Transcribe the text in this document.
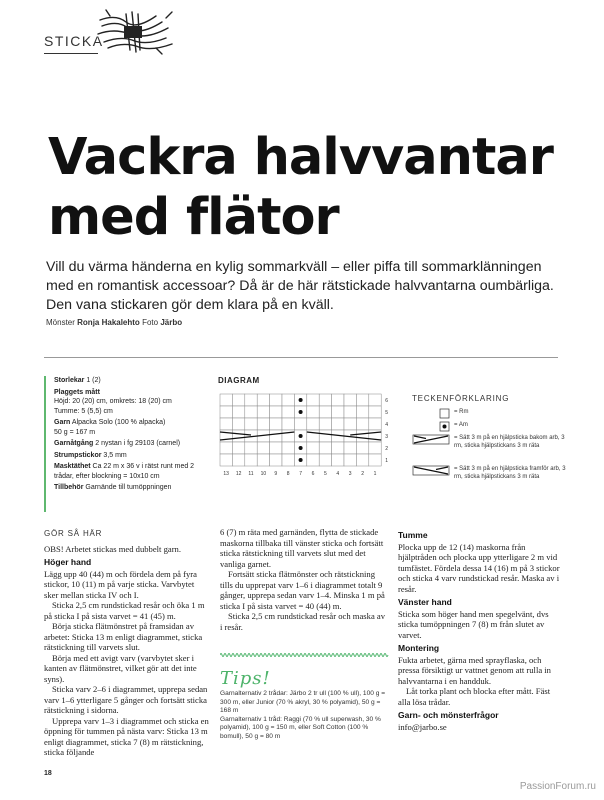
STICKA
Vackra halvvantar
med flätor
Vill du värma händerna en kylig sommarkväll – eller piffa till sommarklänningen med en romantisk accessoar? Då är de här rätstickade halvvantarna oumbärliga. Den vana stickaren gör dem klara på en kväll.
Mönster Ronja Hakalehto Foto Järbo
Storlekar 1 (2)
Plaggets mått
Höjd: 20 (20) cm, omkrets: 18 (20) cm
Tumme: 5 (5,5) cm
Garn Alpacka Solo (100 % alpacka)
50 g = 167 m
Garnåtgång 2 nystan i fg 29103 (carnel)
Strumpstickor 3,5 mm
Masktäthet Ca 22 m x 36 v i rätst runt med 2 trådar, efter blockning = 10x10 cm
Tillbehör Garnände till tumöppningen
DIAGRAM
6
5
4
3
2
1
13 12 11 10 9 8 7 6 5 4 3 2 1
TECKENFÖRKLARING
= Rm
= Am
= Sätt 3 m på en hjälpsticka bakom arb, 3 rm, sticka hjälpstickans 3 m räta
= Sätt 3 m på en hjälpsticka framför arb, 3 rm, sticka hjälpstickans 3 m räta
GÖR SÅ HÄR

OBS! Arbetet stickas med dubbelt garn.

Höger hand

Lägg upp 40 (44) m och fördela dem på fyra stickor, 10 (11) m på varje sticka. Varvbytet sker mellan sticka IV och I.

Sticka 2,5 cm rundstickad resår och öka 1 m på sticka I på sista varvet = 41 (45) m.

Börja sticka flätmönstret på framsidan av arbetet: Sticka 13 m enligt diagrammet, sticka rätstickning till varvets slut.

Börja med ett avigt varv (varvbytet sker i kanten av flätmönstret, vilket gör att det inte syns).

Sticka varv 2–6 i diagrammet, upprepa sedan varv 1–6 ytterligare 5 gånger och fortsätt sticka rätstickning i sidorna.

Upprepa varv 1–3 i diagrammet och sticka en öppning för tummen på nästa varv: Sticka 13 m enligt diagrammet, sticka 7 (8) m rätstickning, sticka följande

6 (7) m räta med garnänden, flytta de stickade maskorna tillbaka till vänster sticka och fortsätt sticka rätstickning till varvets slut med det vanliga garnet.

Fortsätt sticka flätmönster och rätstickning tills du upprepat varv 1–6 i diagrammet totalt 9 gånger, upprepa sedan varv 1–4. Minska 1 m på sticka I på sista varvet = 40 (44) m.

Sticka 2,5 cm rundstickad resår och maska av i resår.

Tips!

Garnalternativ 2 trådar: Järbo 2 tr ull (100 % ull), 100 g = 300 m, eller Junior (70 % akryl, 30 % polyamid), 50 g = 168 m

Garnalternativ 1 tråd: Raggi (70 % ull superwash, 30 % polyamid), 100 g = 150 m, eller Soft Cotton (100 % bomull), 50 g = 80 m

Tumme

Plocka upp de 12 (14) maskorna från hjälptråden och plocka upp ytterligare 2 m vid tumfästet. Fördela dessa 14 (16) m på 3 stickor och sticka 4 varv rundstickad resår. Maska av i resår.

Vänster hand

Sticka som höger hand men spegelvänt, dvs sticka tumöppningen 7 (8) m från slutet av varvet.

Montering

Fukta arbetet, gärna med sprayflaska, och pressa försiktigt ur vattnet genom att rulla in halvvantarna i en handduk.

Låt torka plant och blocka efter mått. Fäst alla lösa trådar.

Garn- och mönsterfrågor

info@jarbo.se

18
PassionForum.ru
